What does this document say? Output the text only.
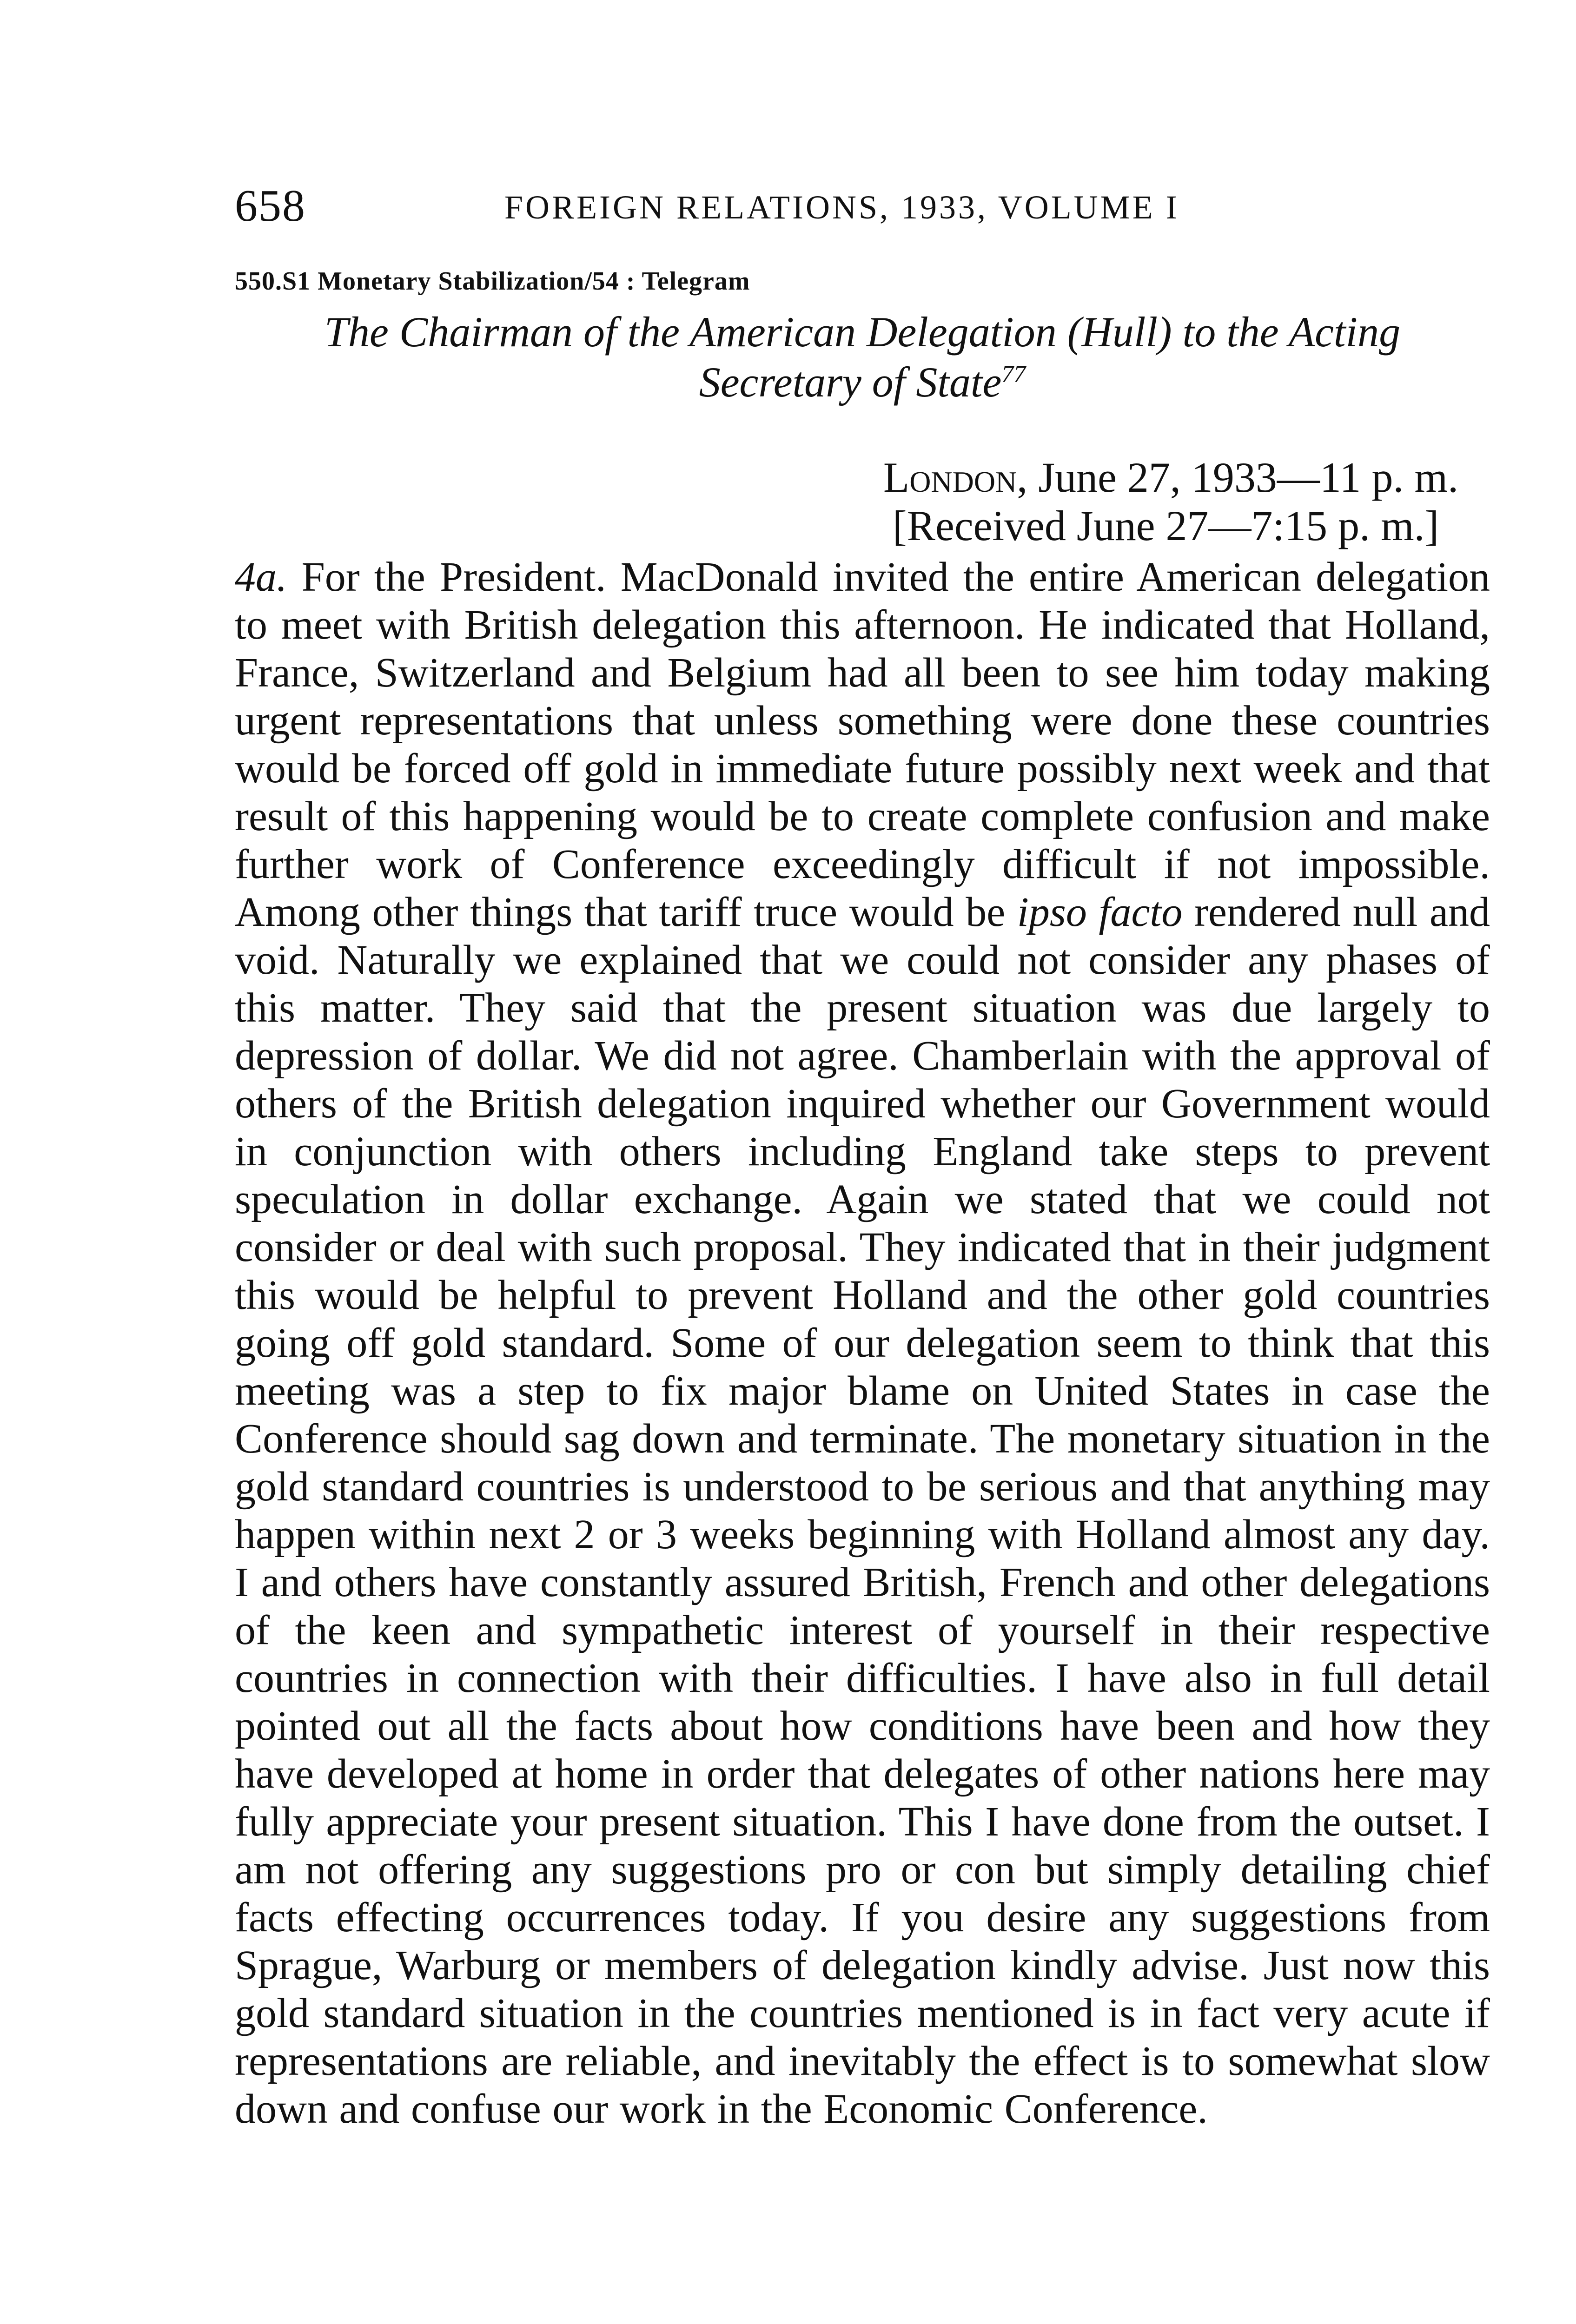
658	FOREIGN RELATIONS, 1933, VOLUME I
550.S1 Monetary Stabilization/54 : Telegram
The Chairman of the American Delegation (Hull) to the Acting
Secretary of State$^{77}$
London, June 27, 1933—11 p. m.
[Received June 27—7:15 p. m.]
4a. For the President. MacDonald invited the entire American delegation to meet with British delegation this afternoon. He indicated that Holland, France, Switzerland and Belgium had all been to see him today making urgent representations that unless something were done these countries would be forced off gold in immediate future possibly next week and that result of this happening would be to create complete confusion and make further work of Conference exceedingly difficult if not impossible. Among other things that tariff truce would be ipso facto rendered null and void. Naturally we explained that we could not consider any phases of this matter. They said that the present situation was due largely to depression of dollar. We did not agree. Chamberlain with the approval of others of the British delegation inquired whether our Government would in conjunction with others including England take steps to prevent speculation in dollar exchange. Again we stated that we could not consider or deal with such proposal. They indicated that in their judgment this would be helpful to prevent Holland and the other gold countries going off gold standard. Some of our delegation seem to think that this meeting was a step to fix major blame on United States in case the Conference should sag down and terminate. The monetary situation in the gold standard countries is understood to be serious and that anything may happen within next 2 or 3 weeks beginning with Holland almost any day. I and others have constantly assured British, French and other delegations of the keen and sympathetic interest of yourself in their respective countries in connection with their difficulties. I have also in full detail pointed out all the facts about how conditions have been and how they have developed at home in order that delegates of other nations here may fully appreciate your present situation. This I have done from the outset. I am not offering any suggestions pro or con but simply detailing chief facts effecting occurrences today. If you desire any suggestions from Sprague, Warburg or members of delegation kindly advise. Just now this gold standard situation in the countries mentioned is in fact very acute if representations are reliable, and inevitably the effect is to somewhat slow down and confuse our work in the Economic Conference.
